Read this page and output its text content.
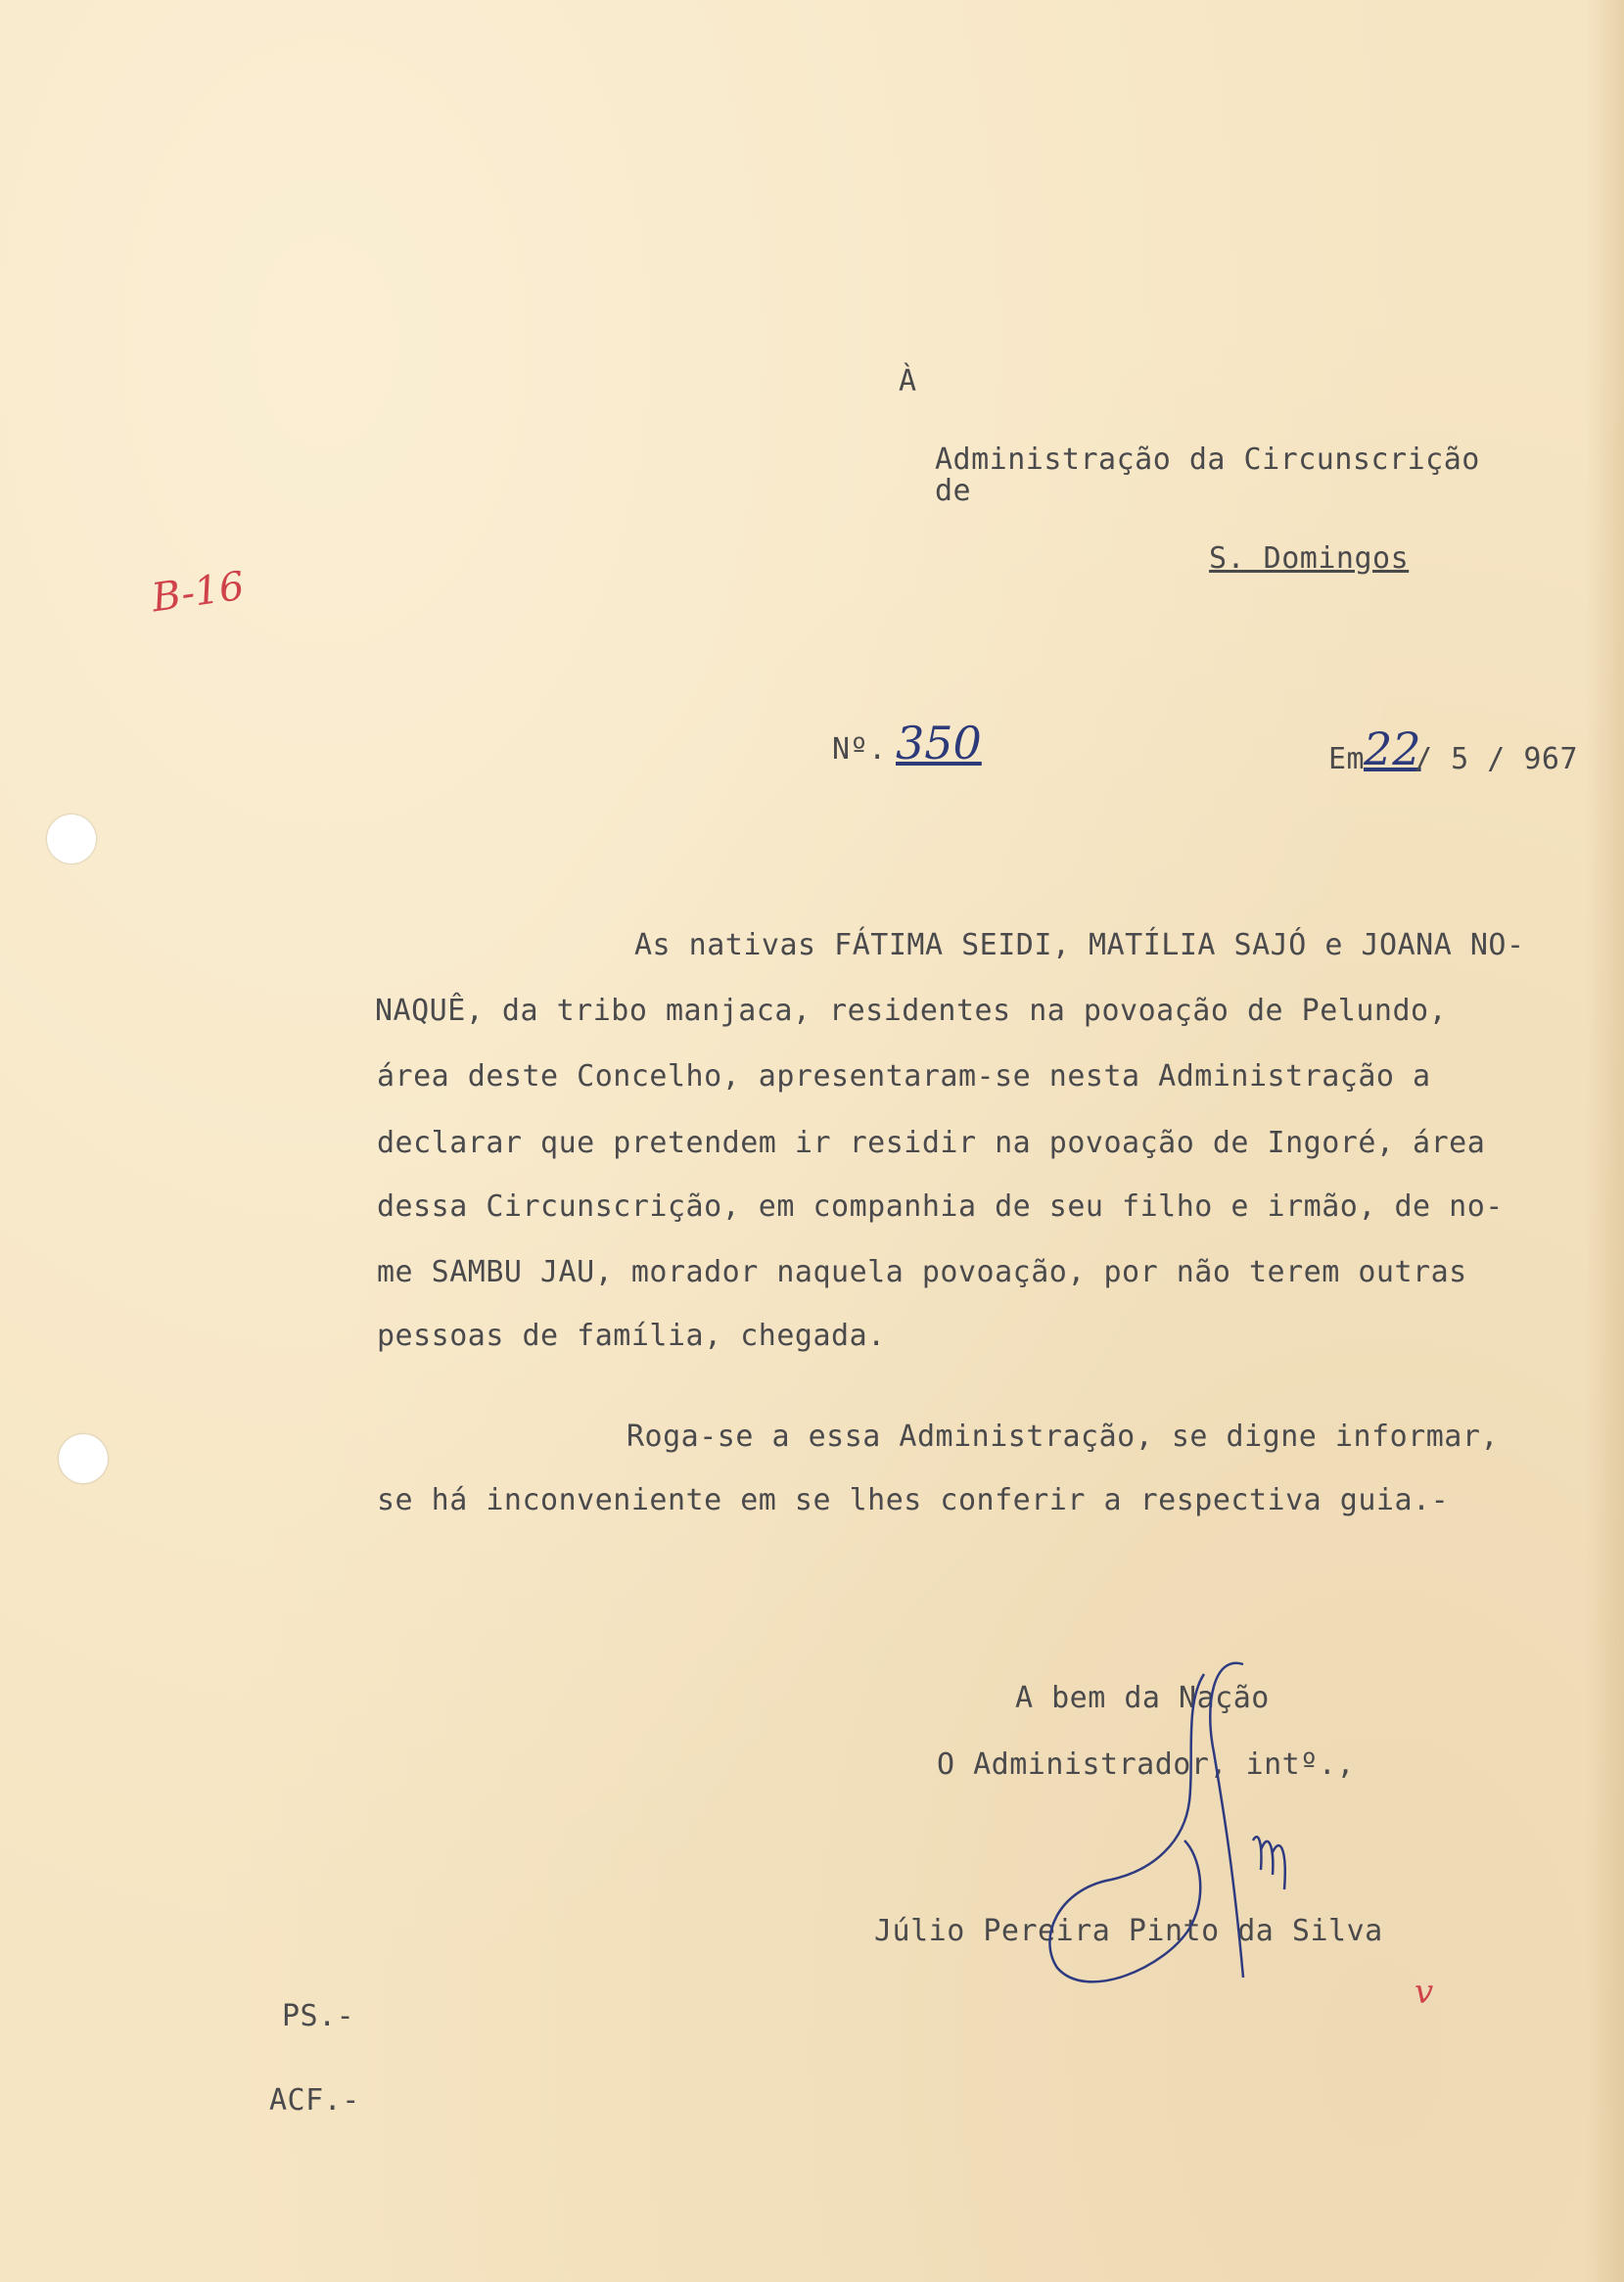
À
Administração da Circunscrição
de
S. Domingos
B-16
Nº. 350	Em
22
/ 5 / 967
As nativas FÁTIMA SEIDI, MATÍLIA SAJÓ e JOANA NO-
NAQUÊ, da tribo manjaca, residentes na povoação de Pelundo,
área deste Concelho, apresentaram-se nesta Administração a
declarar que pretendem ir residir na povoação de Ingoré, área
dessa Circunscrição, em companhia de seu filho e irmão, de no-
me SAMBU JAU, morador naquela povoação, por não terem outras
pessoas de família, chegada.
Roga-se a essa Administração, se digne informar,
se há inconveniente em se lhes conferir a respectiva guia.-
A bem da Nação
O Administrador, intº.,
Júlio Pereira Pinto da Silva
v
PS.-
ACF.-
